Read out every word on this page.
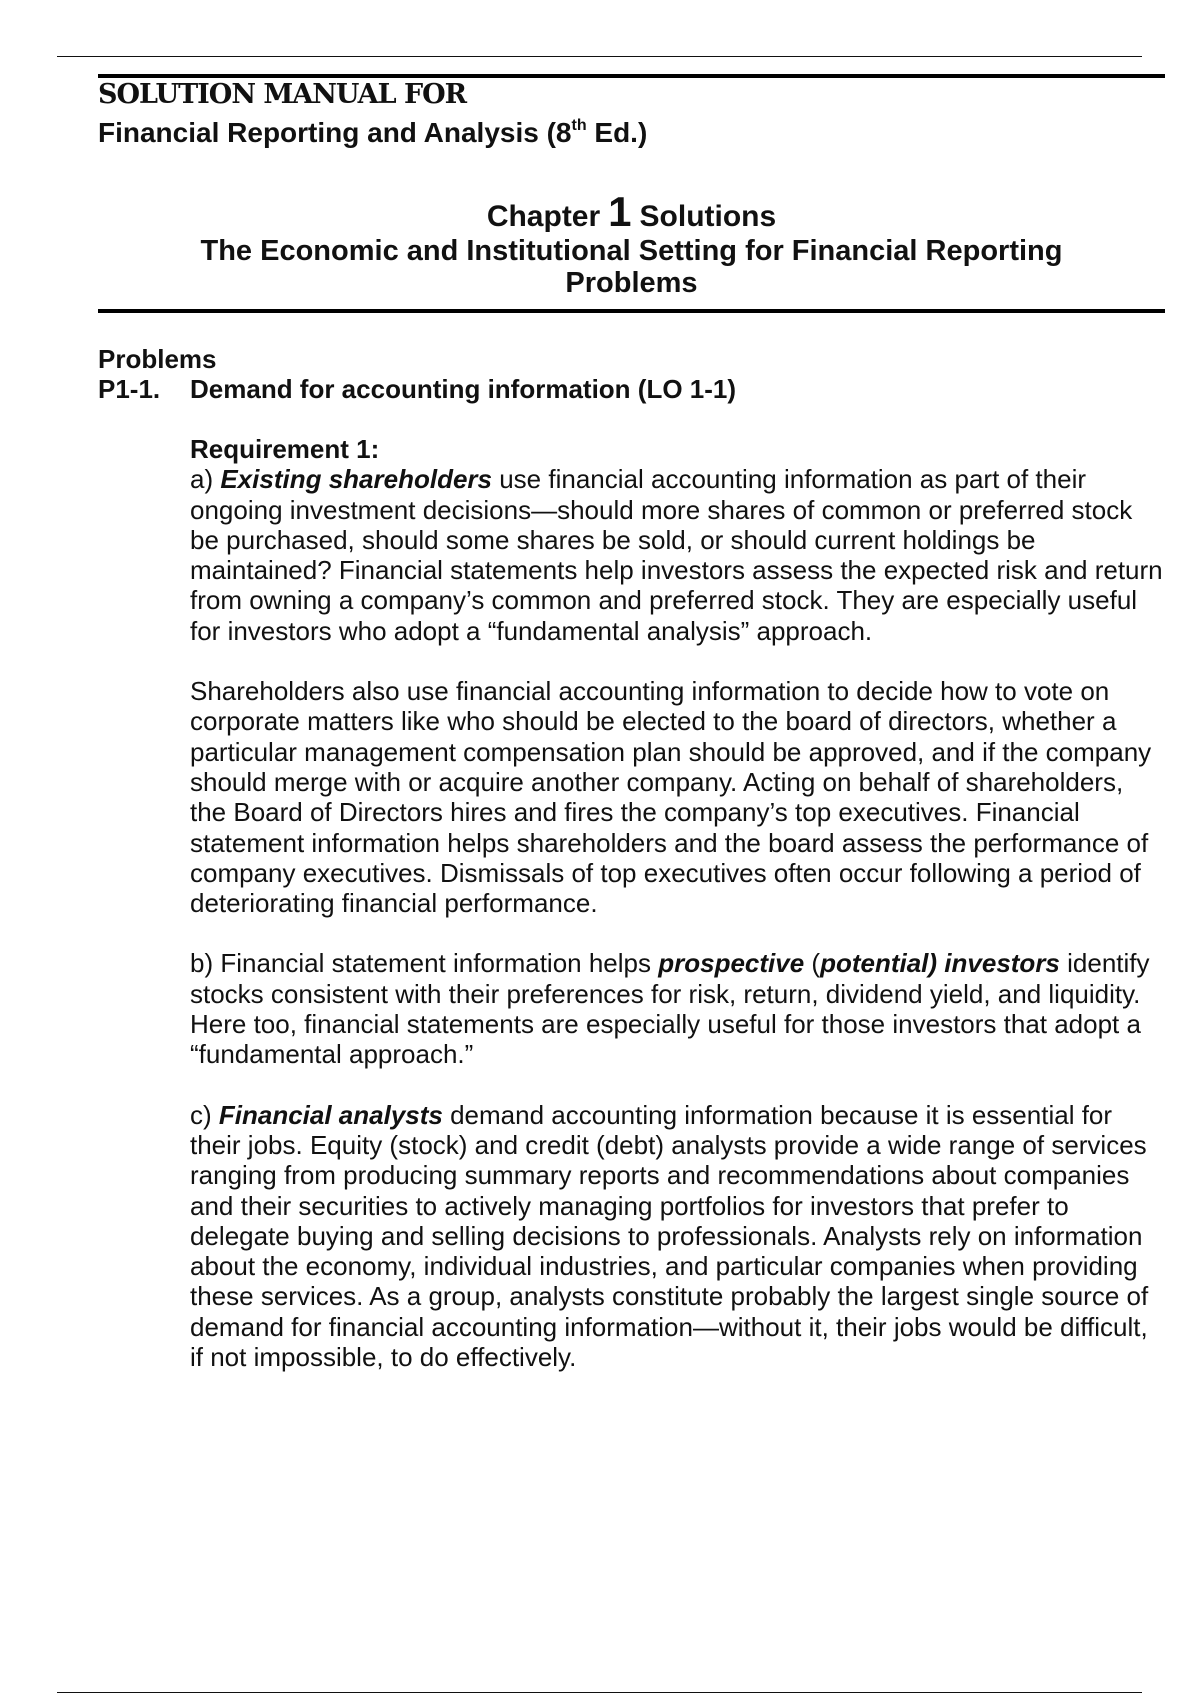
SOLUTION MANUAL FOR
Financial Reporting and Analysis (8th Ed.)
Chapter 1 Solutions
The Economic and Institutional Setting for Financial Reporting
Problems
Problems
P1-1. Demand for accounting information (LO 1-1)
Requirement 1:

a) Existing shareholders use financial accounting information as part of their ongoing investment decisions—should more shares of common or preferred stock be purchased, should some shares be sold, or should current holdings be maintained? Financial statements help investors assess the expected risk and return from owning a company’s common and preferred stock. They are especially useful for investors who adopt a “fundamental analysis” approach.

Shareholders also use financial accounting information to decide how to vote on corporate matters like who should be elected to the board of directors, whether a particular management compensation plan should be approved, and if the company should merge with or acquire another company. Acting on behalf of shareholders, the Board of Directors hires and fires the company’s top executives. Financial statement information helps shareholders and the board assess the performance of company executives. Dismissals of top executives often occur following a period of deteriorating financial performance.

b) Financial statement information helps prospective (potential) investors identify stocks consistent with their preferences for risk, return, dividend yield, and liquidity. Here too, financial statements are especially useful for those investors that adopt a “fundamental approach.”

c) Financial analysts demand accounting information because it is essential for their jobs. Equity (stock) and credit (debt) analysts provide a wide range of services ranging from producing summary reports and recommendations about companies and their securities to actively managing portfolios for investors that prefer to delegate buying and selling decisions to professionals. Analysts rely on information about the economy, individual industries, and particular companies when providing these services. As a group, analysts constitute probably the largest single source of demand for financial accounting information—without it, their jobs would be difficult, if not impossible, to do effectively.
